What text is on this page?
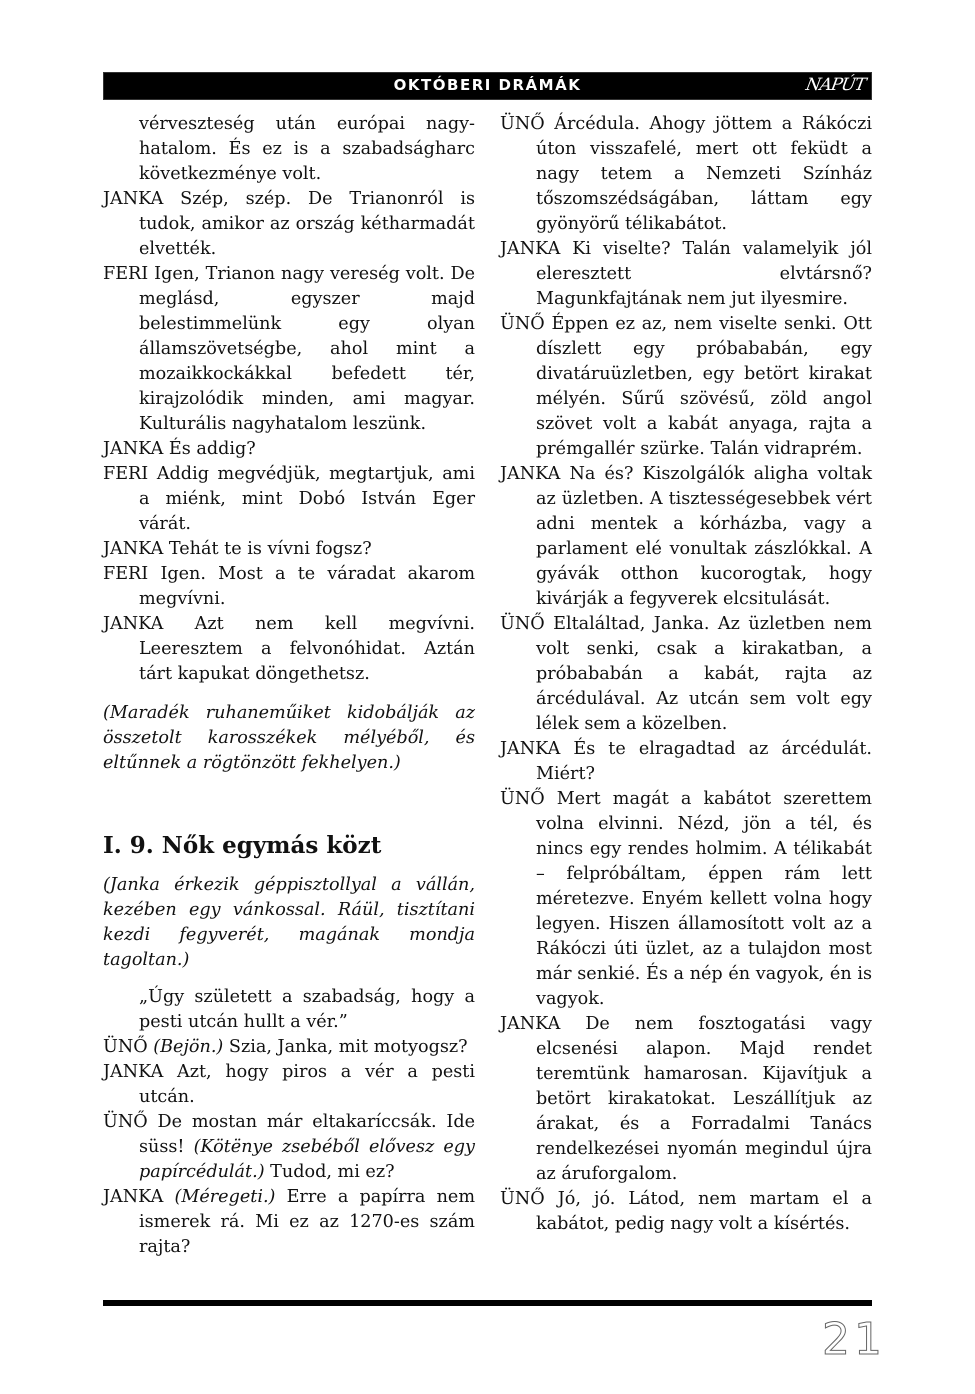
OKTÓBERI DRÁMÁK	NAPÚT

vérveszteség után európai nagy-hatalom. És ez is a szabadságharc következménye volt.

JANKA Szép, szép. De Trianonról is tudok, amikor az ország kétharmadát elvették.

FERI Igen, Trianon nagy vereség volt. De meglásd, egyszer majd belestimmelünk egy olyan államszövetségbe, ahol mint a mozaikkockákkal befedett tér, kirajzolódik minden, ami magyar. Kulturális nagyhatalom leszünk.

JANKA És addig?

FERI Addig megvédjük, megtartjuk, ami a miénk, mint Dobó István Eger várát.

JANKA Tehát te is vívni fogsz?

FERI Igen. Most a te váradat akarom megvívni.

JANKA Azt nem kell megvívni. Leeresztem a felvonóhidat. Aztán tárt kapukat döngethetsz.

(Maradék ruhaneműiket kidobálják az összetolt karosszékek mélyéből, és eltűnnek a rögtönzött fekhelyen.)

I. 9. Nők egymás közt

(Janka érkezik géppisztollyal a vállán, kezében egy vánkossal. Ráül, tisztítani kezdi fegyverét, magának mondja tagoltan.)

„Úgy született a szabadság, hogy a pesti utcán hullt a vér.”

ÜNŐ (Bejön.) Szia, Janka, mit motyogsz?

JANKA Azt, hogy piros a vér a pesti utcán.

ÜNŐ De mostan már eltakaríccsák. Ide süss! (Kötënye zsebéből elővesz egy papírcédulát.) Tudod, mi ez?

JANKA (Méregeti.) Erre a papírra nem ismerek rá. Mi ez az 1270-es szám rajta?

ÜNŐ Árcédula. Ahogy jöttem a Rákóczi úton visszafelé, mert ott feküdt a nagy tetem a Nemzeti Színház tőszomszédságában, láttam egy gyönyörű télikabátot.

JANKA Ki viselte? Talán valamelyik jól eleresztett elvtársnő? Magunkfajtának nem jut ilyesmire.

ÜNŐ Éppen ez az, nem viselte senki. Ott díszlett egy próbababán, egy divatáruüzletben, egy betört kirakat mélyén. Sűrű szövésű, zöld angol szövet volt a kabát anyaga, rajta a prémgallér szürke. Talán vidraprém.

JANKA Na és? Kiszolgálók aligha voltak az üzletben. A tisztességesebbek vért adni mentek a kórházba, vagy a parlament elé vonultak zászlókkal. A gyávák otthon kucorogtak, hogy kivárják a fegyverek elcsitulását.

ÜNŐ Eltaláltad, Janka. Az üzletben nem volt senki, csak a kirakatban, a próbababán a kabát, rajta az árcédulával. Az utcán sem volt egy lélek sem a közelben.

JANKA És te elragadtad az árcédulát. Miért?

ÜNŐ Mert magát a kabátot szerettem volna elvinni. Nézd, jön a tél, és nincs egy rendes holmim. A télikabát – felpróbáltam, éppen rám lett méretezve. Enyém kellett volna hogy legyen. Hiszen államosított volt az a Rákóczi úti üzlet, az a tulajdon most már senkié. És a nép én vagyok, én is vagyok.

JANKA De nem fosztogatási vagy elcsenési alapon. Majd rendet teremtünk hamarosan. Kijavítjuk a betört kirakatokat. Leszállítjuk az árakat, és a Forradalmi Tanács rendelkezései nyomán megindul újra az áruforgalom.

ÜNŐ Jó, jó. Látod, nem martam el a kabátot, pedig nagy volt a kísértés.

21
